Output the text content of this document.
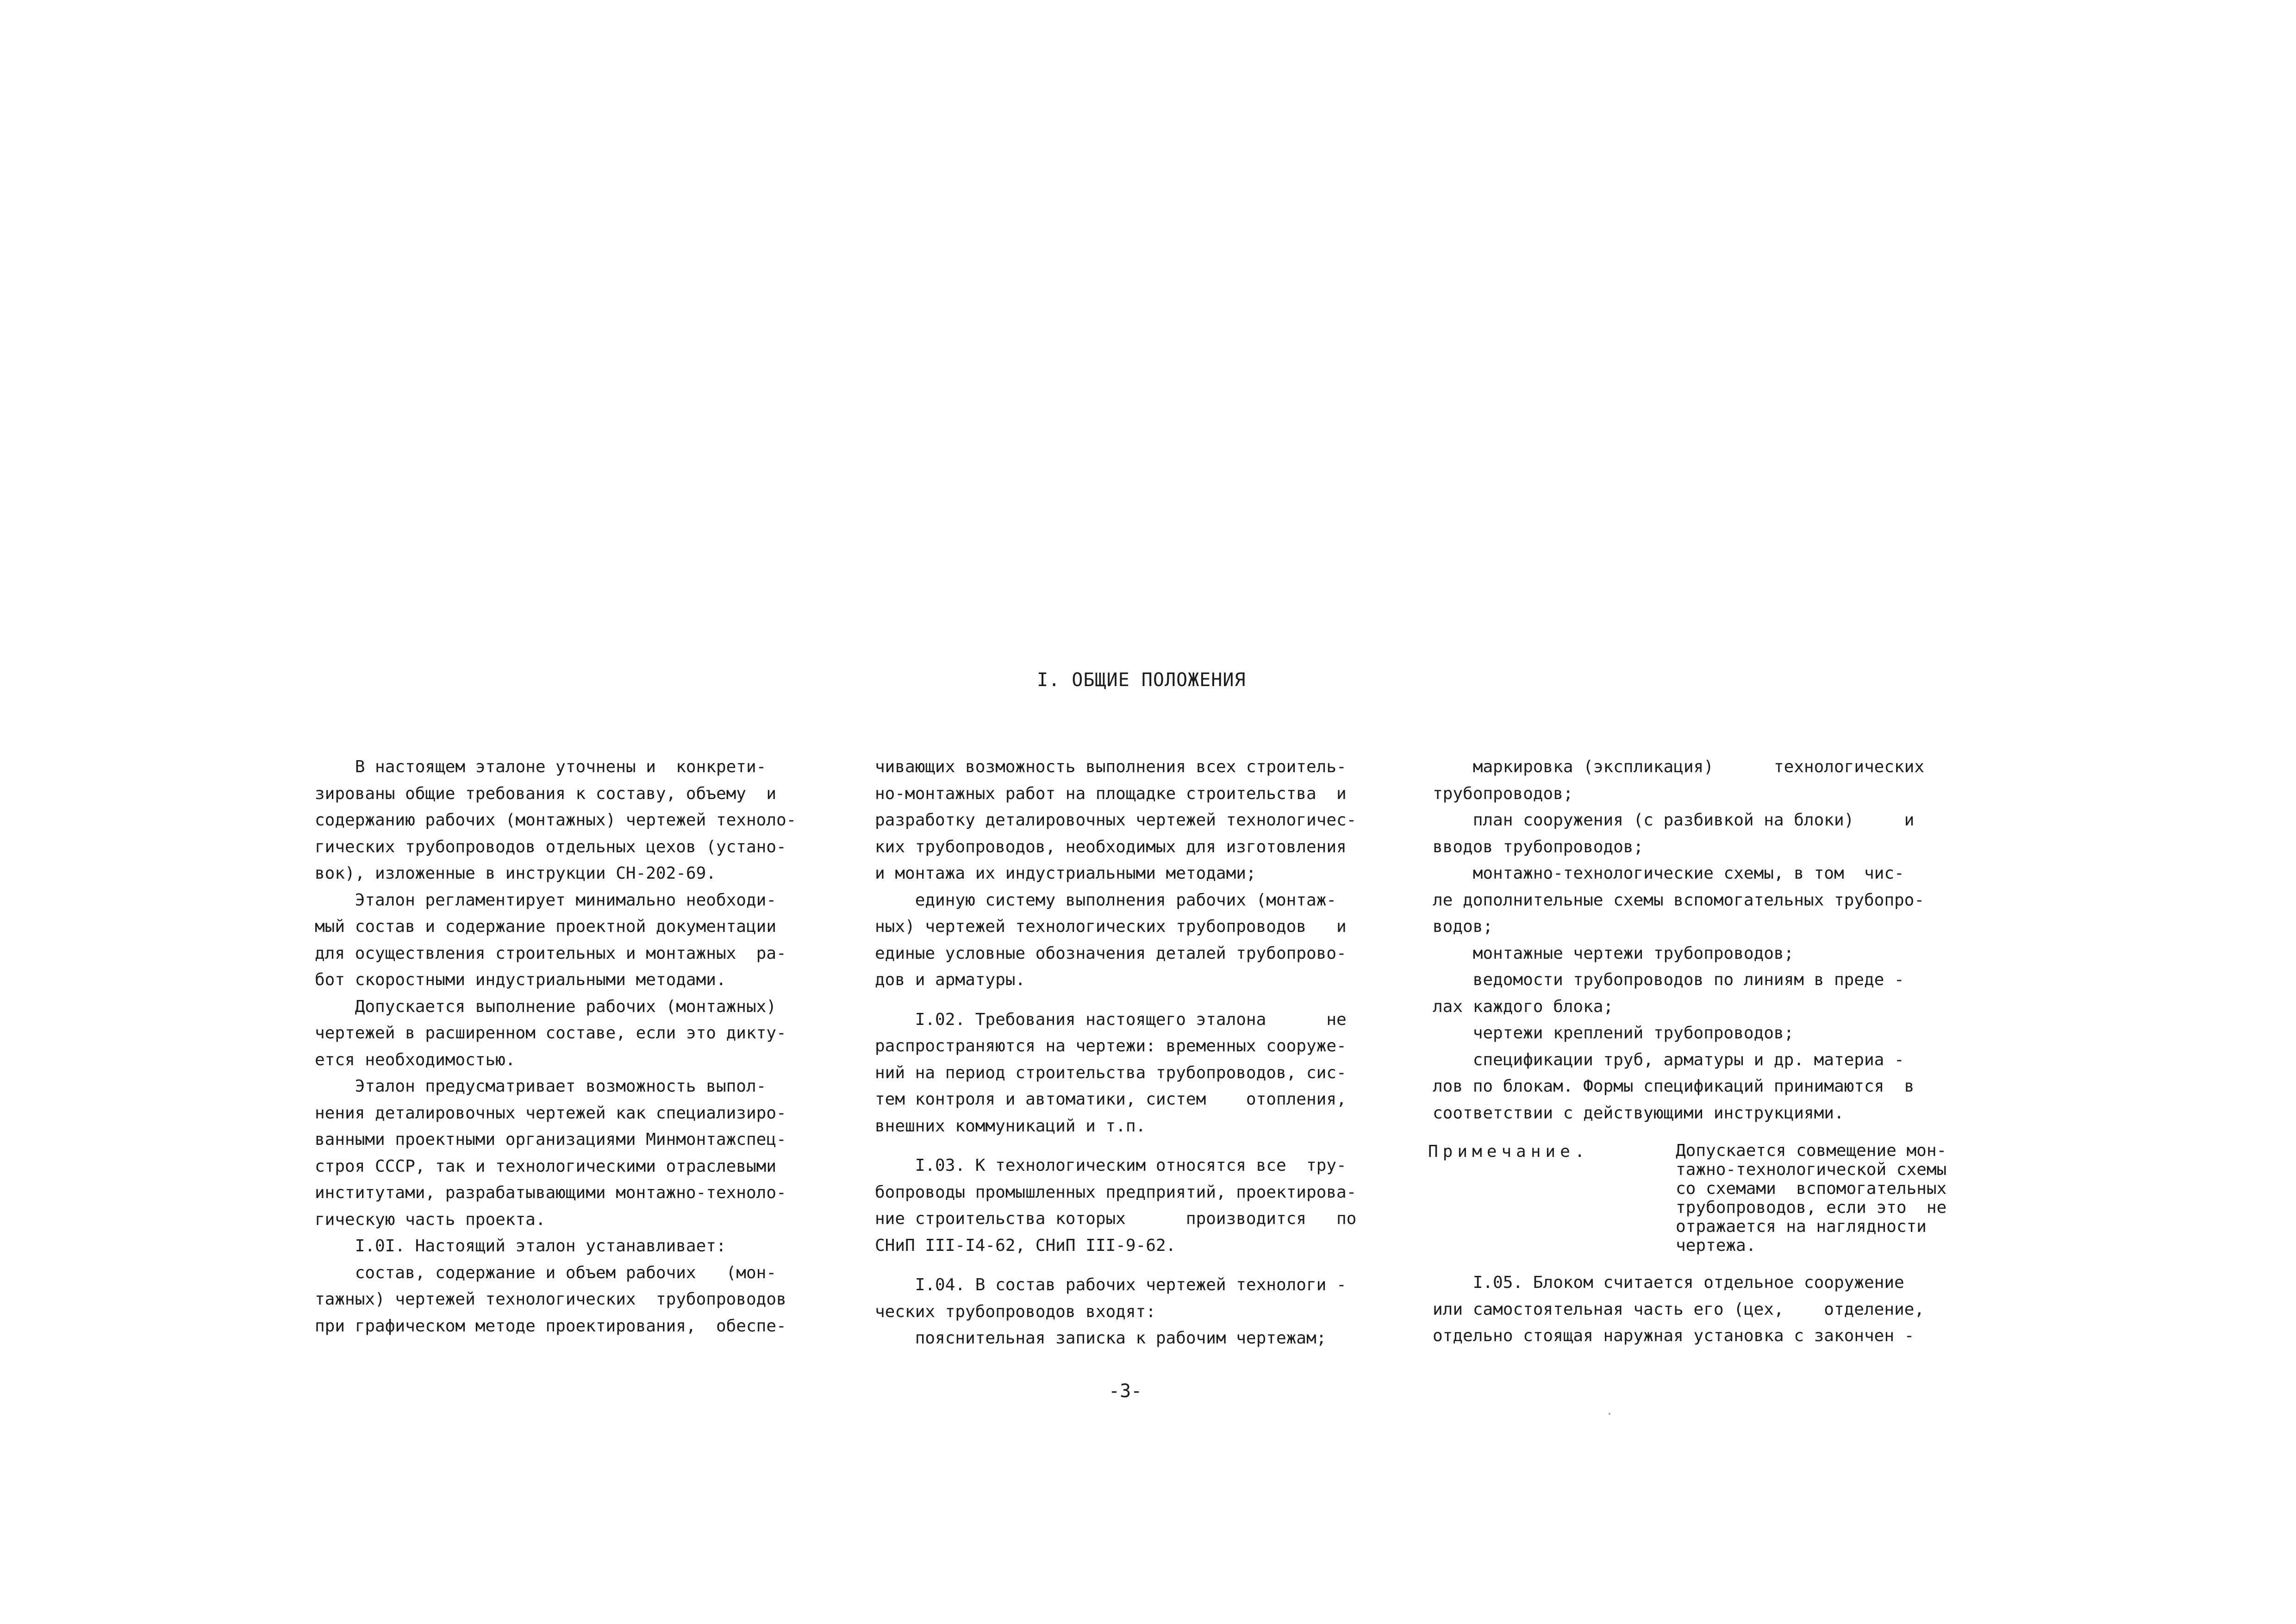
I. ОБЩИЕ ПОЛОЖЕНИЯ
В настоящем эталоне уточнены и  конкрети-
зированы общие требования к составу, объему  и
содержанию рабочих (монтажных) чертежей техноло-
гических трубопроводов отдельных цехов (устано-
вок), изложенные в инструкции СН-202-69.
Эталон регламентирует минимально необходи-
мый состав и содержание проектной документации
для осуществления строительных и монтажных  ра-
бот скоростными индустриальными методами.
Допускается выполнение рабочих (монтажных)
чертежей в расширенном составе, если это дикту-
ется необходимостью.
Эталон предусматривает возможность выпол-
нения деталировочных чертежей как специализиро-
ванными проектными организациями Минмонтажспец-
строя СССР, так и технологическими отраслевыми
институтами, разрабатывающими монтажно-техноло-
гическую часть проекта.
I.0I. Настоящий эталон устанавливает:
состав, содержание и объем рабочих   (мон-
тажных) чертежей технологических  трубопроводов
при графическом методе проектирования,  обеспе-
чивающих возможность выполнения всех строитель-
но-монтажных работ на площадке строительства  и
разработку деталировочных чертежей технологичес-
ких трубопроводов, необходимых для изготовления
и монтажа их индустриальными методами;
единую систему выполнения рабочих (монтаж-
ных) чертежей технологических трубопроводов   и
единые условные обозначения деталей трубопрово-
дов и арматуры.
I.02. Требования настоящего эталона      не
распространяются на чертежи: временных сооруже-
ний на период строительства трубопроводов, сис-
тем контроля и автоматики, систем    отопления,
внешних коммуникаций и т.п.
I.03. К технологическим относятся все  тру-
бопроводы промышленных предприятий, проектирова-
ние строительства которых      производится   по
СНиП III-I4-62, СНиП III-9-62.
I.04. В состав рабочих чертежей технологи -
ческих трубопроводов входят:
пояснительная записка к рабочим чертежам;
маркировка (экспликация)      технологических
трубопроводов;
план сооружения (с разбивкой на блоки)     и
вводов трубопроводов;
монтажно-технологические схемы, в том  чис-
ле дополнительные схемы вспомогательных трубопро-
водов;
монтажные чертежи трубопроводов;
ведомости трубопроводов по линиям в преде -
лах каждого блока;
чертежи креплений трубопроводов;
спецификации труб, арматуры и др. материа -
лов по блокам. Формы спецификаций принимаются  в
соответствии с действующими инструкциями.
Примечание.	Допускается совмещение мон-
тажно-технологической схемы
со схемами  вспомогательных
трубопроводов, если это  не
отражается на наглядности
чертежа.
I.05. Блоком считается отдельное сооружение
или самостоятельная часть его (цех,    отделение,
отдельно стоящая наружная установка с закончен -
-3-
